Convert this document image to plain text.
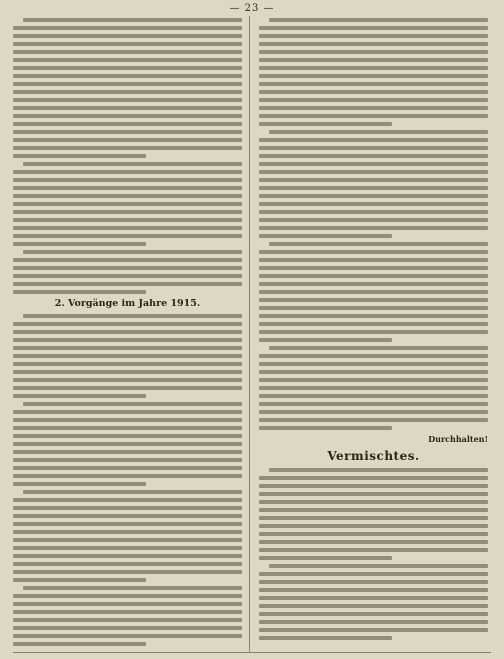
— 23 —
2. Vorgänge im Jahre 1915.
Durchhalten!
Vermischtes.
